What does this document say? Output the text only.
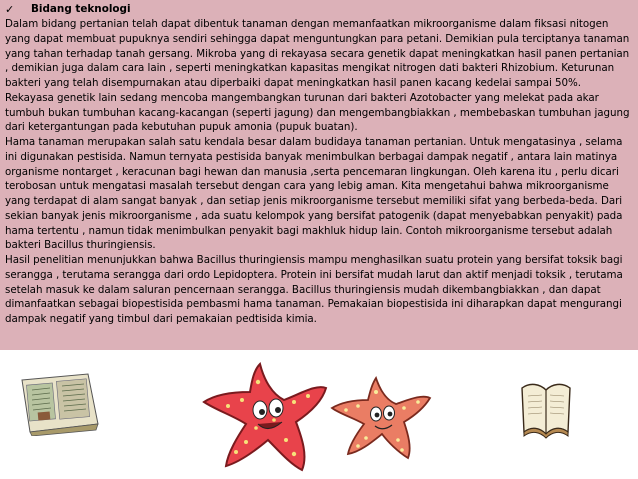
✓	Bidang teknologi

Dalam bidang pertanian telah dapat dibentuk tanaman dengan memanfaatkan mikroorganisme dalam fiksasi nitogen yang dapat membuat pupuknya sendiri sehingga dapat menguntungkan para petani. Demikian pula terciptanya tanaman yang tahan terhadap tanah gersang. Mikroba yang di rekayasa secara genetik dapat meningkatkan hasil panen pertanian , demikian juga dalam cara lain , seperti meningkatkan kapasitas mengikat nitrogen dati bakteri Rhizobium. Keturunan bakteri yang telah disempurnakan atau diperbaiki dapat meningkatkan hasil panen kacang kedelai sampai 50%. Rekayasa genetik lain sedang mencoba mangembangkan turunan dari bakteri Azotobacter yang melekat pada akar tumbuh bukan tumbuhan kacang-kacangan (seperti jagung) dan mengembangbiakkan , membebaskan tumbuhan jagung dari ketergantungan pada kebutuhan pupuk amonia (pupuk buatan).

Hama tanaman merupakan salah satu kendala besar dalam budidaya tanaman pertanian. Untuk mengatasinya , selama ini digunakan pestisida. Namun ternyata pestisida banyak menimbulkan berbagai dampak negatif , antara lain matinya organisme nontarget , keracunan bagi hewan dan manusia ,serta pencemaran lingkungan. Oleh karena itu , perlu dicari terobosan untuk mengatasi masalah tersebut dengan cara yang lebig aman. Kita mengetahui bahwa mikroorganisme yang terdapat di alam sangat banyak , dan setiap jenis mikroorganisme tersebut memiliki sifat yang berbeda-beda. Dari sekian banyak jenis mikroorganisme , ada suatu kelompok yang bersifat patogenik (dapat menyebabkan penyakit) pada hama tertentu , namun tidak menimbulkan penyakit bagi makhluk hidup lain. Contoh mikroorganisme tersebut adalah bakteri Bacillus thuringiensis.

Hasil penelitian menunjukkan bahwa Bacillus thuringiensis mampu menghasilkan suatu protein yang bersifat toksik bagi serangga , terutama serangga dari ordo Lepidoptera. Protein ini bersifat mudah larut dan aktif menjadi toksik , terutama setelah masuk ke dalam saluran pencernaan serangga. Bacillus thuringiensis mudah dikembangbiakkan , dan dapat dimanfaatkan sebagai biopestisida pembasmi hama tanaman. Pemakaian biopestisida ini diharapkan dapat mengurangi dampak negatif yang timbul dari pemakaian pedtisida kimia.
